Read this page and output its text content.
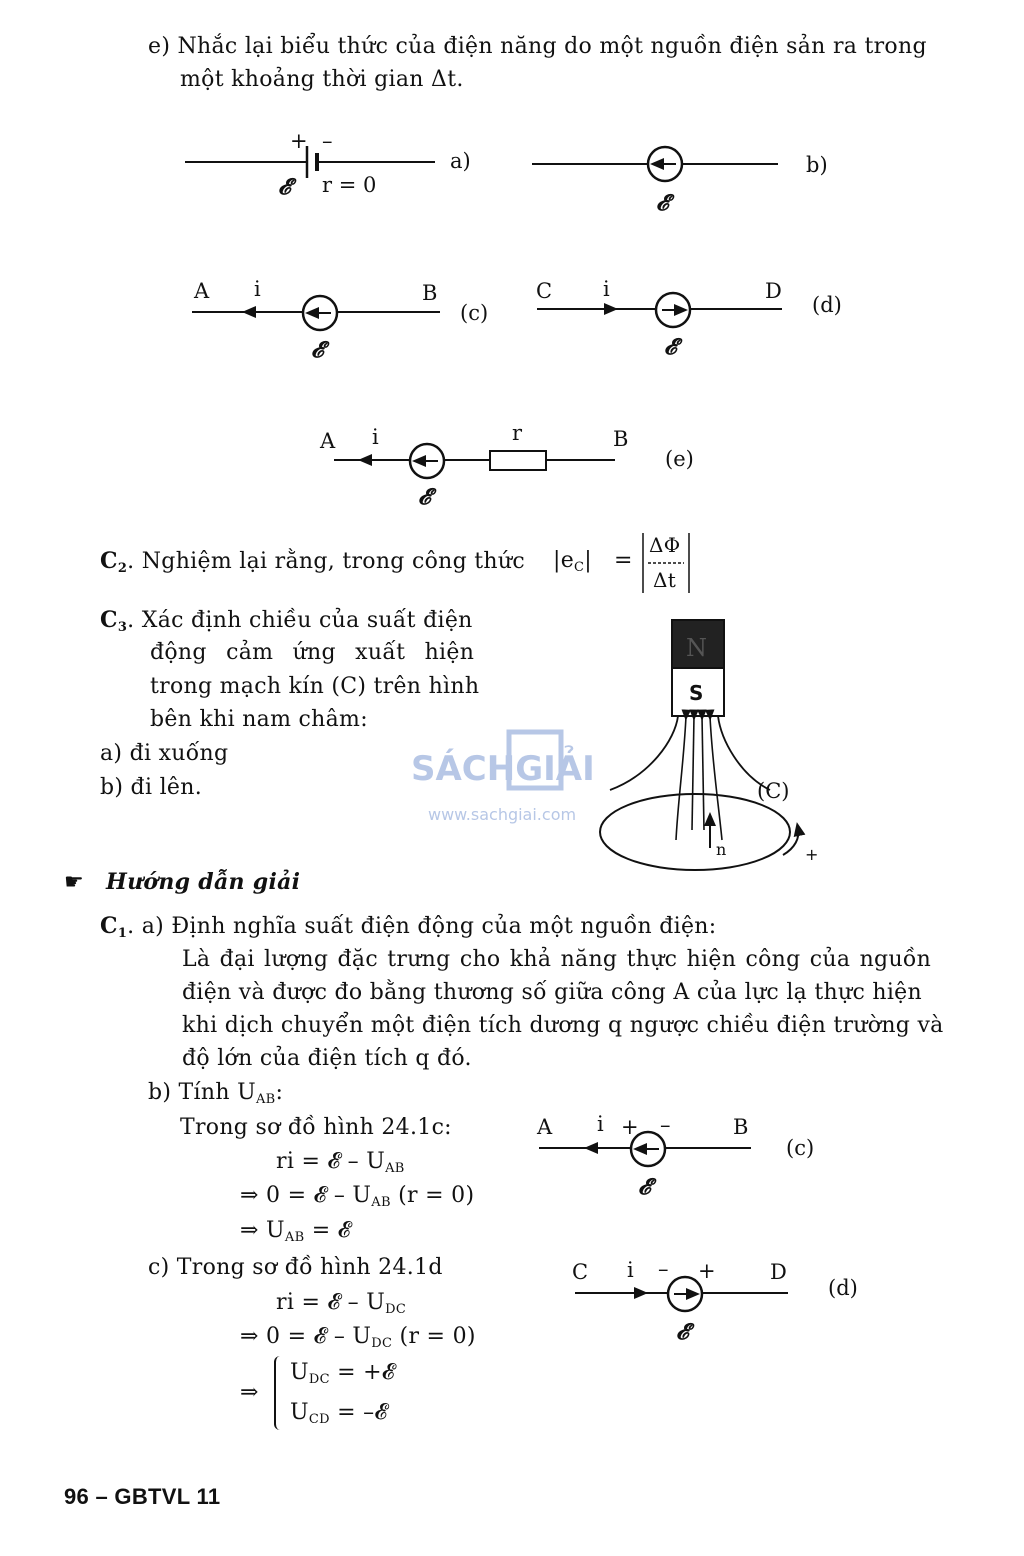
e) Nhắc lại biểu thức của điện năng do một nguồn điện sản ra trong
một khoảng thời gian Δt.
+ –
𝓔	r = 0
a)
𝓔
b)
A i	B
𝓔
(c)
C i	D
𝓔
(d)
A i	r	B
𝓔
(e)
$C_2$. Nghiệm lại rằng, trong công thức $|e_C|$ =
ΔΦ
Δt
$C_3$. Xác định chiều của suất điện
động cảm ứng xuất hiện
trong mạch kín (C) trên hình
bên khi nam châm:
a) đi xuống
b) đi lên.
N
S
n	+
(C)
SÁCHGIẢI
www.sachgiai.com
☛ Hướng dẫn giải
$C_1$. a) Định nghĩa suất điện động của một nguồn điện:
Là đại lượng đặc trưng cho khả năng thực hiện công của nguồn
điện và được đo bằng thương số giữa công A của lực lạ thực hiện
khi dịch chuyển một điện tích dương q ngược chiều điện trường và
độ lớn của điện tích q đó.
b) Tính $U_{AB}$:
Trong sơ đồ hình 24.1c:
ri = 𝓔 – $U_{AB}$
⇒ 0 = 𝓔 – $U_{AB}$ (r = 0)
⇒ $U_{AB}$ = 𝓔
c) Trong sơ đồ hình 24.1d
ri = 𝓔 – $U_{DC}$
⇒ 0 = 𝓔 – $U_{DC}$ (r = 0)
⇒
$U_{DC}$ = +𝓔
$U_{CD}$ = –𝓔
A i + –	B
𝓔
(c)
C i – +	D
𝓔
(d)
96 – GBTVL 11
